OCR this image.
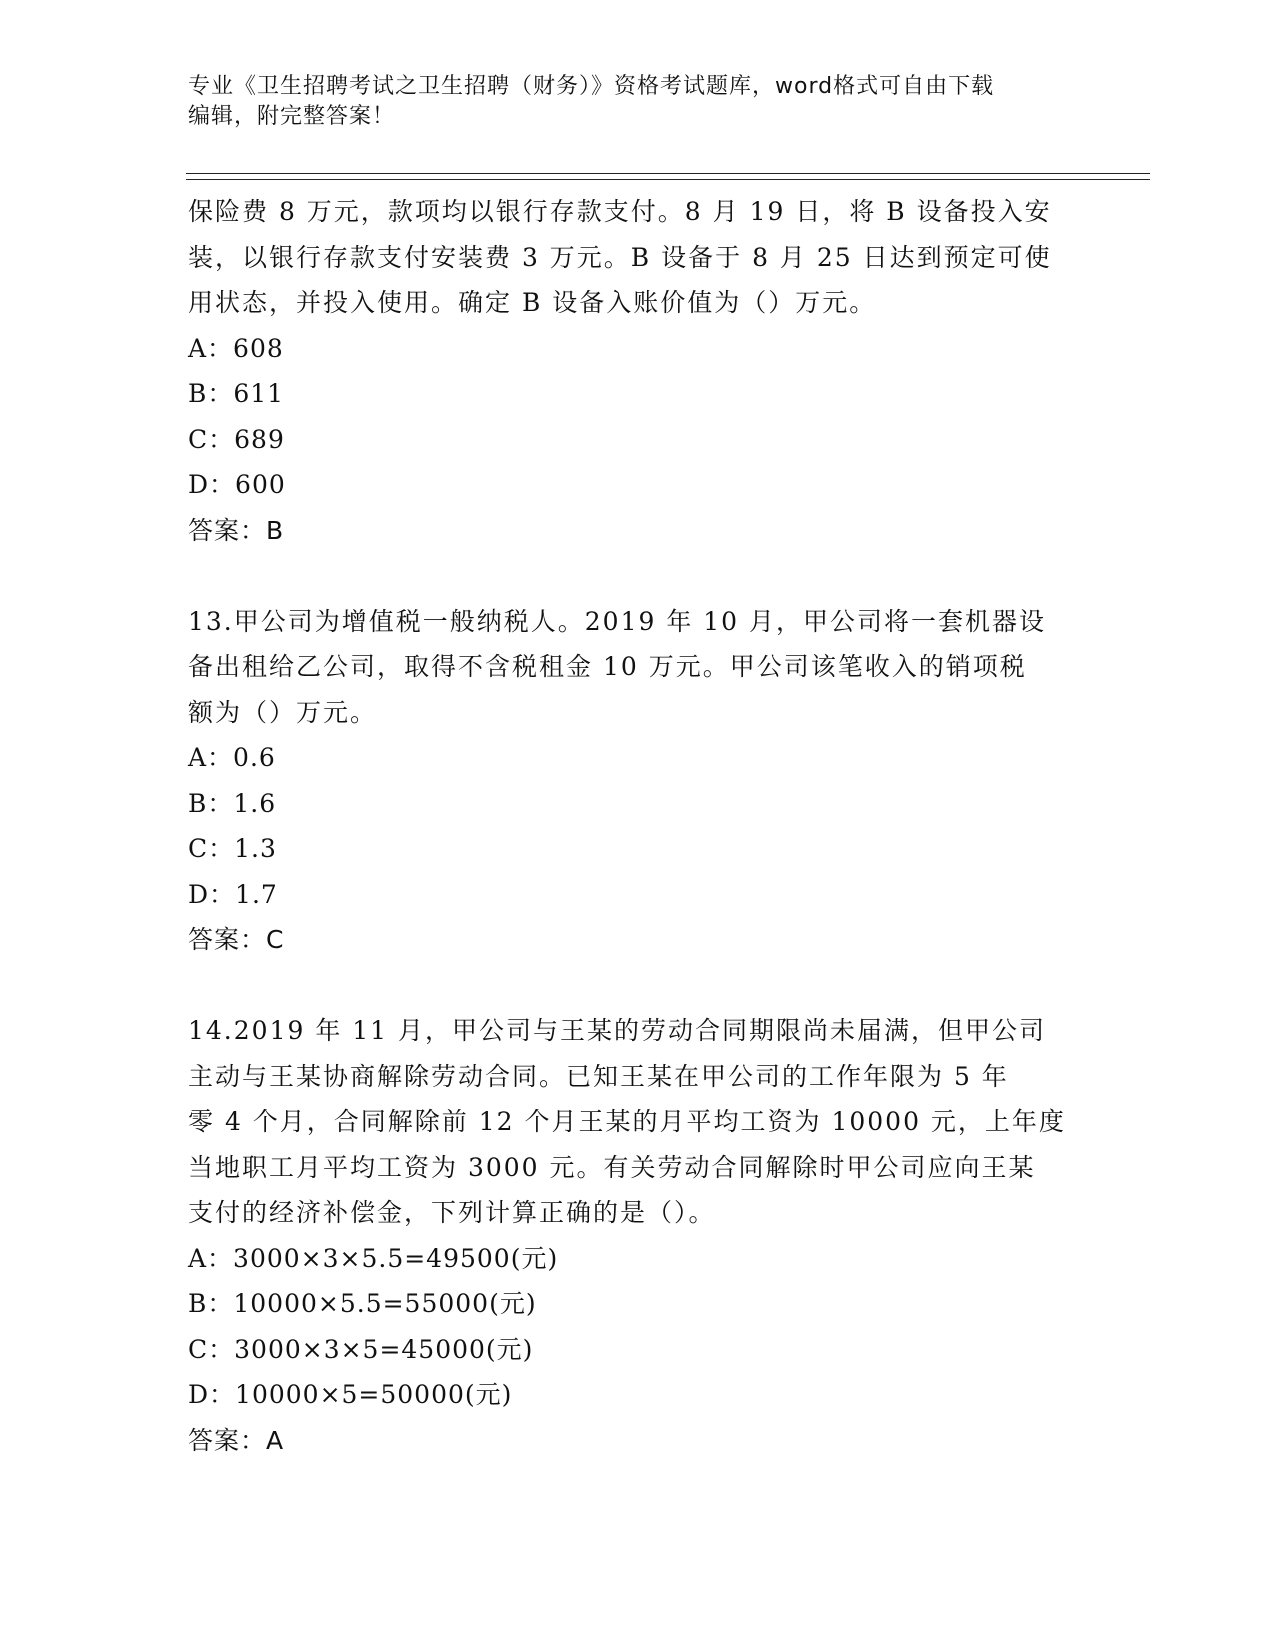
专业《卫生招聘考试之卫生招聘（财务）》资格考试题库，word格式可自由下载
编辑，附完整答案！

保险费 8 万元，款项均以银行存款支付。8 月 19 日，将 B 设备投入安

装，以银行存款支付安装费 3 万元。B 设备于 8 月 25 日达到预定可使

用状态，并投入使用。确定 B 设备入账价值为（）万元。

A：608

B：611

C：689

D：600

答案：B

13.甲公司为增值税一般纳税人。2019 年 10 月，甲公司将一套机器设

备出租给乙公司，取得不含税租金 10 万元。甲公司该笔收入的销项税

额为（）万元。

A：0.6

B：1.6

C：1.3

D：1.7

答案：C

14.2019 年 11 月，甲公司与王某的劳动合同期限尚未届满，但甲公司

主动与王某协商解除劳动合同。已知王某在甲公司的工作年限为 5 年

零 4 个月，合同解除前 12 个月王某的月平均工资为 10000 元，上年度

当地职工月平均工资为 3000 元。有关劳动合同解除时甲公司应向王某

支付的经济补偿金，下列计算正确的是（）。

A：3000×3×5.5=49500(元)

B：10000×5.5=55000(元)

C：3000×3×5=45000(元)

D：10000×5=50000(元)

答案：A
